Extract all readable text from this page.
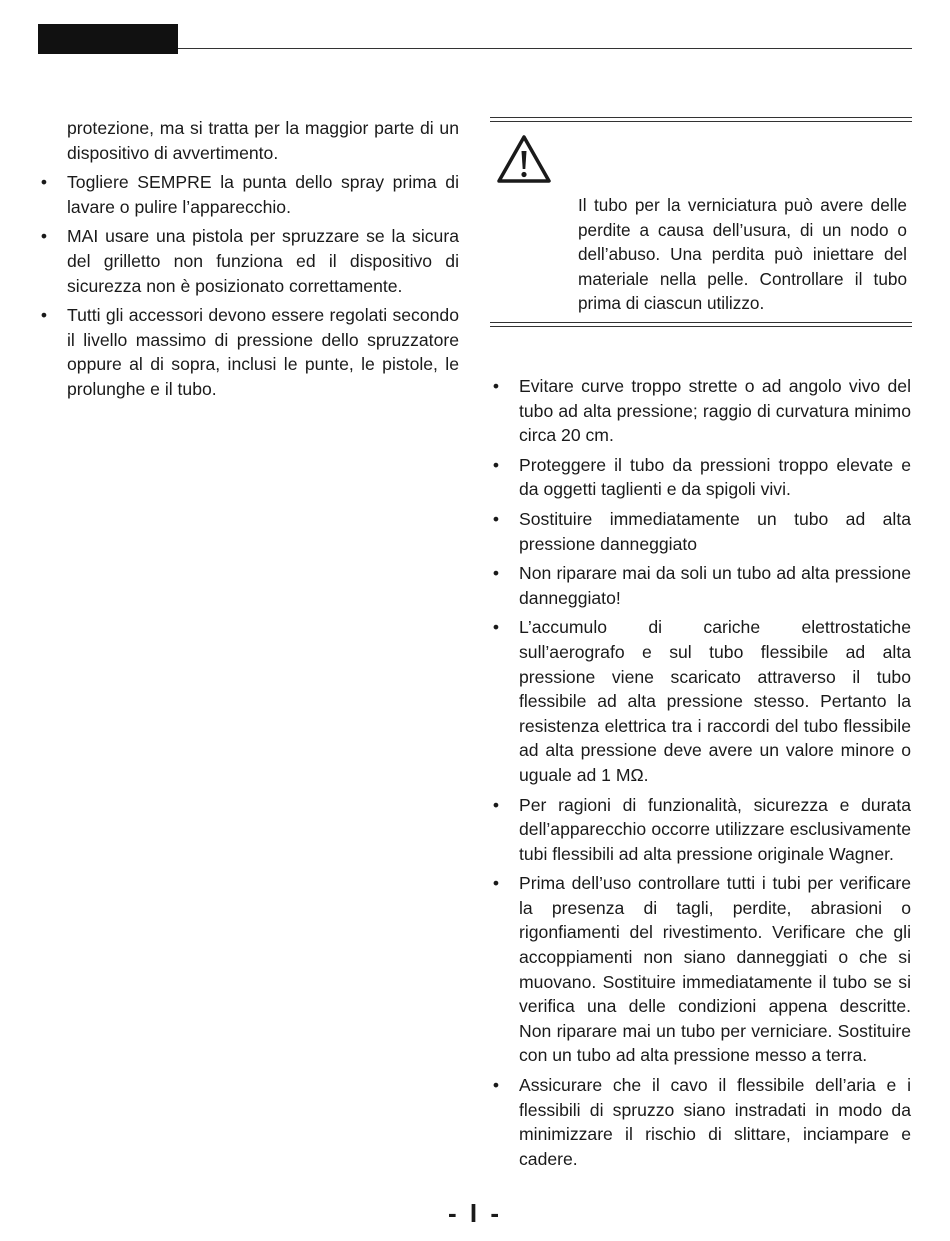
protezione, ma si tratta per la maggior parte di un dispositivo di avvertimento.

• Togliere SEMPRE la punta dello spray prima di lavare o pulire l’apparecchio.
• MAI usare una pistola per spruzzare se la sicura del grilletto non funziona ed il dispositivo di sicurezza non è posizionato correttamente.
• Tutti gli accessori devono essere regolati secondo il livello massimo di pressione dello spruzzatore oppure al di sopra, inclusi le punte, le pistole, le prolunghe e il tubo.
Il tubo per la verniciatura può avere delle perdite a causa dell’usura, di un nodo o dell’abuso. Una perdita può iniettare del materiale nella pelle. Controllare il tubo prima di ciascun utilizzo.
• Evitare curve troppo strette o ad angolo vivo del tubo ad alta pressione; raggio di curvatura minimo circa 20 cm.
• Proteggere il tubo da pressioni troppo elevate e da oggetti taglienti e da spigoli vivi.
• Sostituire immediatamente un tubo ad alta pressione danneggiato
• Non riparare mai da soli un tubo ad alta pressione danneggiato!
• L’accumulo di cariche elettrostatiche sull’aerografo e sul tubo flessibile ad alta pressione viene scaricato attraverso il tubo flessibile ad alta pressione stesso. Pertanto la resistenza elettrica tra i raccordi del tubo flessibile ad alta pressione deve avere un valore minore o uguale ad 1 MΩ.
• Per ragioni di funzionalità, sicurezza e durata dell’apparecchio occorre utilizzare esclusivamente tubi flessibili ad alta pressione originale Wagner.
• Prima dell’uso controllare tutti i tubi per verificare la presenza di tagli, perdite, abrasioni o rigonfiamenti del rivestimento. Verificare che gli accoppiamenti non siano danneggiati o che si muovano. Sostituire immediatamente il tubo se si verifica una delle condizioni appena descritte. Non riparare mai un tubo per verniciare. Sostituire con un tubo ad alta pressione messo a terra.
• Assicurare che il cavo il flessibile dell’aria e i flessibili di spruzzo siano instradati in modo da minimizzare il rischio di slittare, inciampare e cadere.
- I -
